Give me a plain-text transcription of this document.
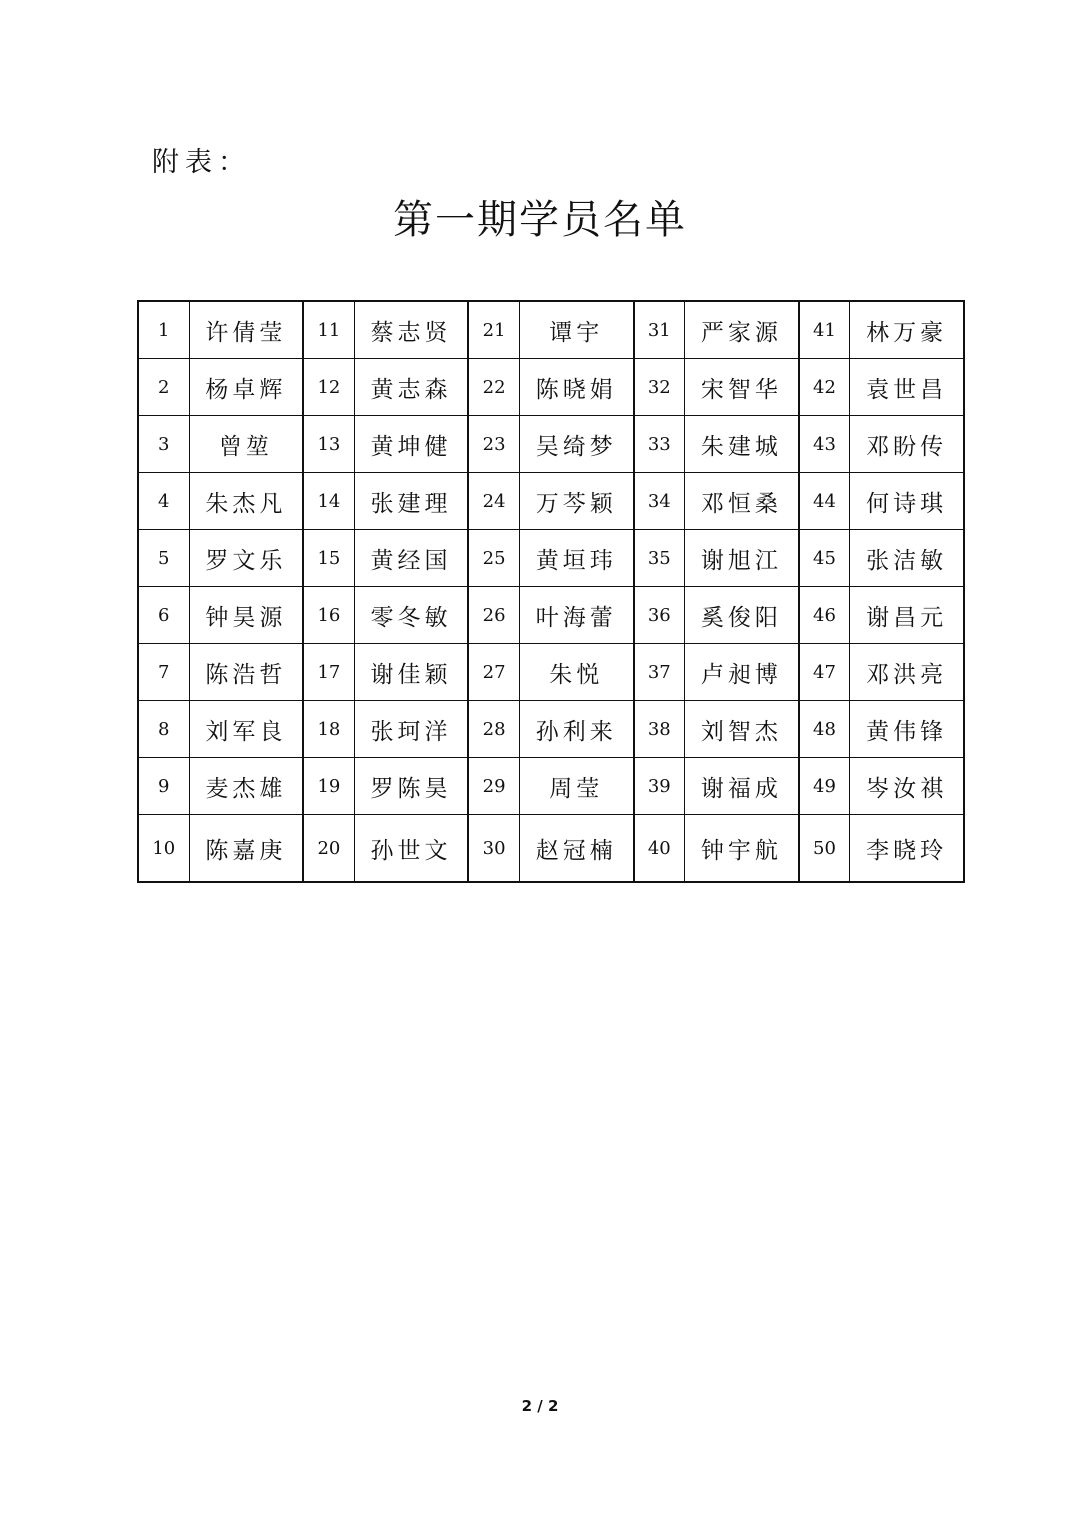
附表：
第一期学员名单
1	许倩莹	11	蔡志贤	21	谭宇	31	严家源	41	林万豪
2	杨卓辉	12	黄志森	22	陈晓娟	32	宋智华	42	袁世昌
3	曾堃	13	黄坤健	23	吴绮梦	33	朱建城	43	邓盼传
4	朱杰凡	14	张建理	24	万芩颖	34	邓恒桑	44	何诗琪
5	罗文乐	15	黄经国	25	黄垣玮	35	谢旭江	45	张洁敏
6	钟昊源	16	零冬敏	26	叶海蕾	36	奚俊阳	46	谢昌元
7	陈浩哲	17	谢佳颖	27	朱悦	37	卢昶博	47	邓洪亮
8	刘军良	18	张珂洋	28	孙利来	38	刘智杰	48	黄伟锋
9	麦杰雄	19	罗陈昊	29	周莹	39	谢福成	49	岑汝祺
10	陈嘉庚	20	孙世文	30	赵冠楠	40	钟宇航	50	李晓玲
2 / 2
